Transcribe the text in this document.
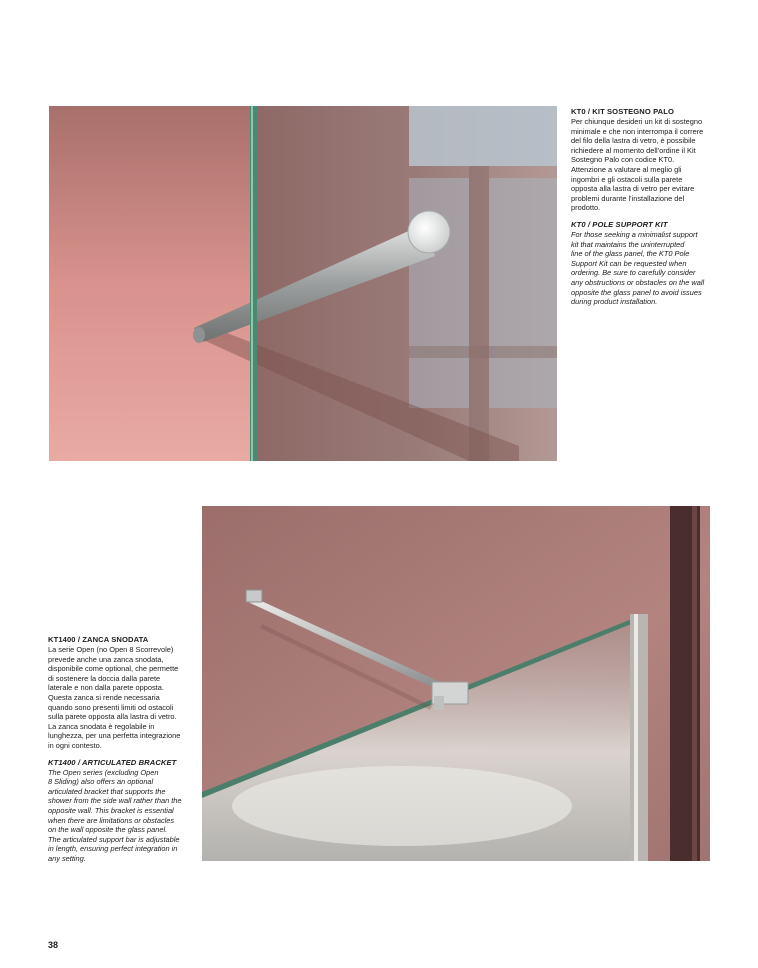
KT0 / KIT SOSTEGNO PALO

Per chiunque desideri un kit di sostegno

minimale e che non interrompa il correre

del filo della lastra di vetro, è possibile

richiedere al momento dell'ordine il Kit

Sostegno Palo con codice KT0.

Attenzione a valutare al meglio gli

ingombri e gli ostacoli sulla parete

opposta alla lastra di vetro per evitare

problemi durante l'installazione del

prodotto.

KT0 / POLE SUPPORT KIT

For those seeking a minimalist support

kit that maintains the uninterrupted

line of the glass panel, the KT0 Pole

Support Kit can be requested when

ordering. Be sure to carefully consider

any obstructions or obstacles on the wall

opposite the glass panel to avoid issues

during product installation.

KT1400 / ZANCA SNODATA

La serie Open (no Open 8 Scorrevole)

prevede anche una zanca snodata,

disponibile come optional, che permette

di sostenere la doccia dalla parete

laterale e non dalla parete opposta.

Questa zanca si rende necessaria

quando sono presenti limiti od ostacoli

sulla parete opposta alla lastra di vetro.

La zanca snodata è regolabile in

lunghezza, per una perfetta integrazione

in ogni contesto.

KT1400 / ARTICULATED BRACKET

The Open series (excluding Open

8 Sliding) also offers an optional

articulated bracket that supports the

shower from the side wall rather than the

opposite wall. This bracket is essential

when there are limitations or obstacles

on the wall opposite the glass panel.

The articulated support bar is adjustable

in length, ensuring perfect integration in

any setting.

38
